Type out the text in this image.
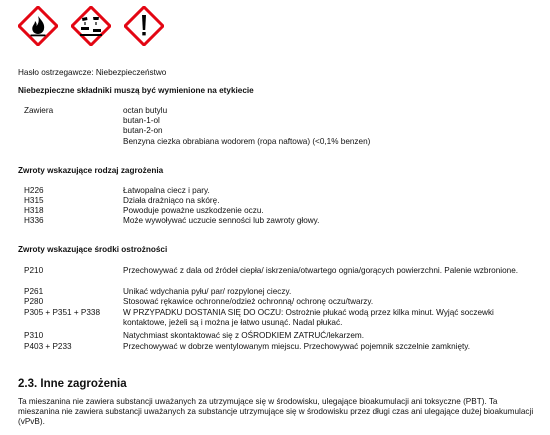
Hasło ostrzegawcze: Niebezpieczeństwo
Niebezpieczne składniki muszą być wymienione na etykiecie
Zawiera	octan butylu
butan-1-ol
butan-2-on
Benzyna ciezka obrabiana wodorem (ropa naftowa) (<0,1% benzen)
Zwroty wskazujące rodzaj zagrożenia
H226	Łatwopalna ciecz i pary.
H315	Działa drażniąco na skórę.
H318	Powoduje poważne uszkodzenie oczu.
H336	Może wywoływać uczucie senności lub zawroty głowy.
Zwroty wskazujące środki ostrożności
P210	Przechowywać z dala od źródeł ciepła/ iskrzenia/otwartego ognia/gorących powierzchni. Palenie wzbronione.
P261	Unikać wdychania pyłu/ par/ rozpylonej cieczy.
P280	Stosować rękawice ochronne/odzież ochronną/ ochronę oczu/twarzy.
P305 + P351 + P338	W PRZYPADKU DOSTANIA SIĘ DO OCZU: Ostrożnie płukać wodą przez kilka minut. Wyjąć soczewki kontaktowe, jeżeli są i można je łatwo usunąć. Nadal płukać.
P310	Natychmiast skontaktować się z OŚRODKIEM ZATRUĆ/lekarzem.
P403 + P233	Przechowywać w dobrze wentylowanym miejscu. Przechowywać pojemnik szczelnie zamknięty.
2.3. Inne zagrożenia
Ta mieszanina nie zawiera substancji uważanych za utrzymujące się w środowisku, ulegające bioakumulacji ani toksyczne (PBT). Ta mieszanina nie zawiera substancji uważanych za substancje utrzymujące się w środowisku przez długi czas ani ulegające dużej bioakumulacji (vPvB).
